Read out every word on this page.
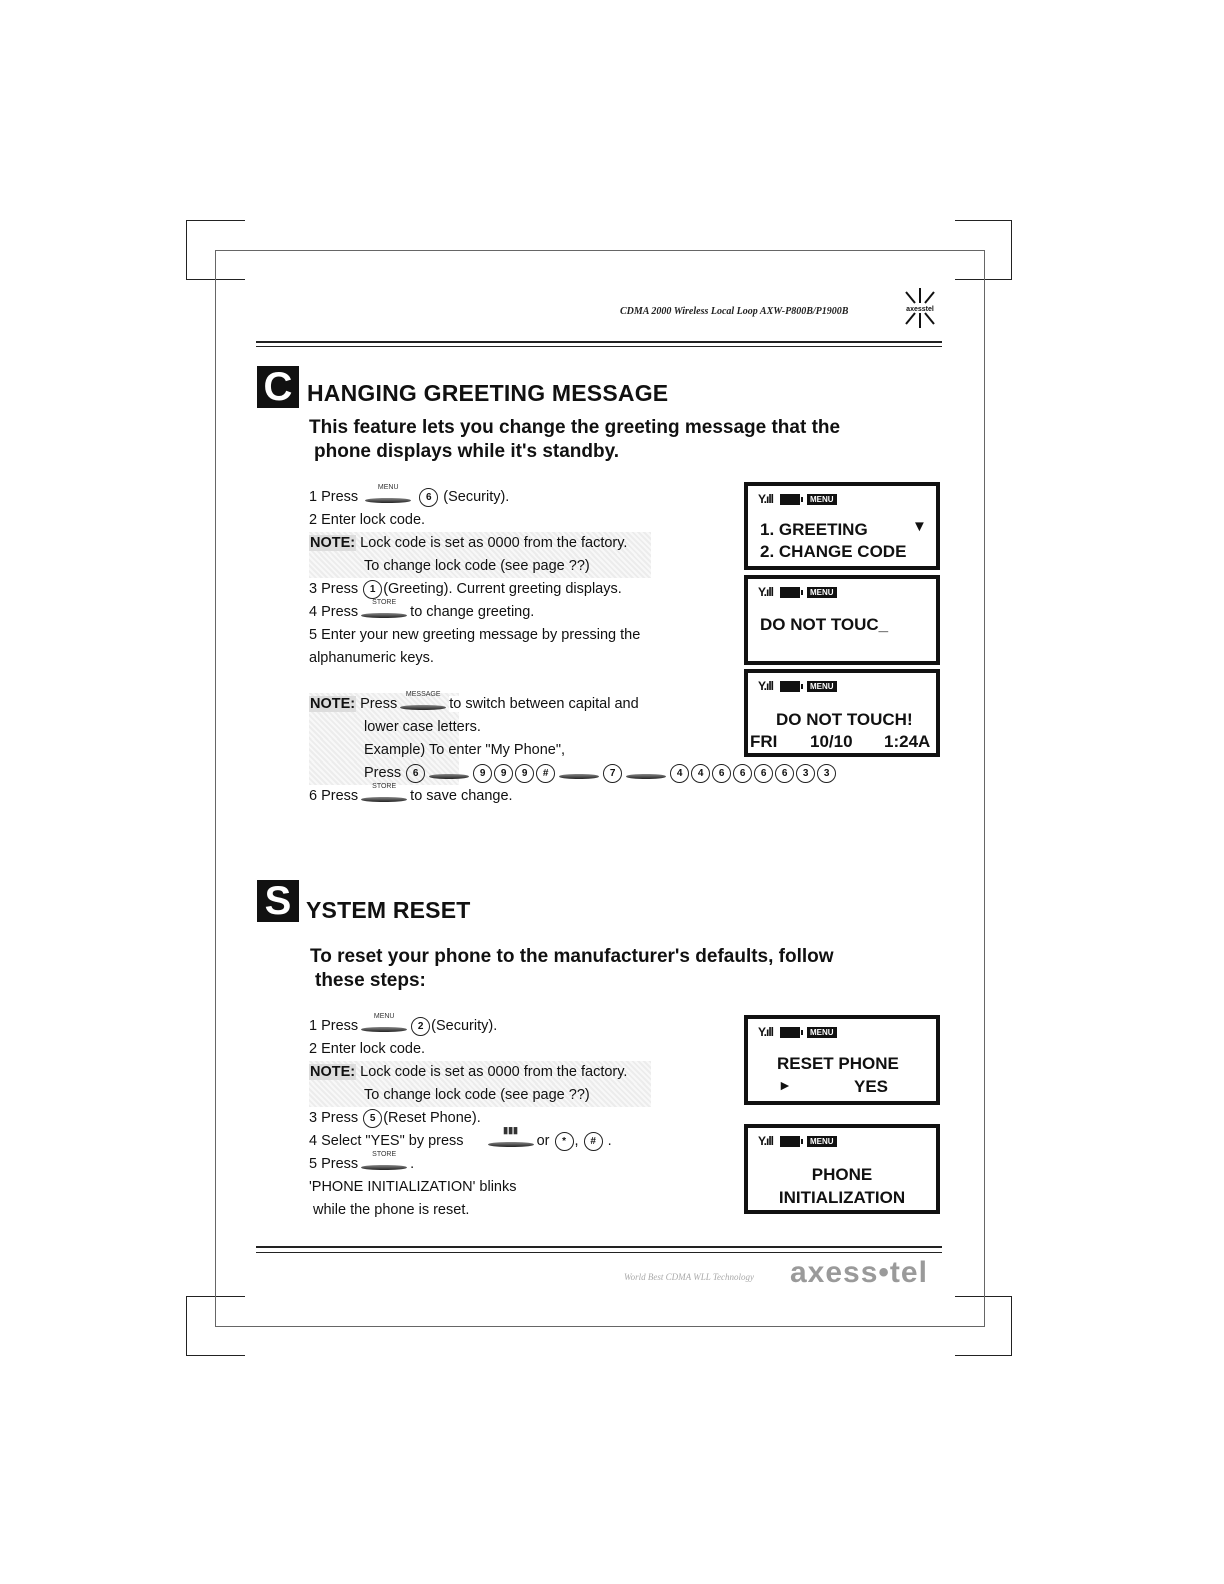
CDMA 2000 Wireless Local Loop AXW-P800B/P1900B	axesstel
C HANGING GREETING MESSAGE
This feature lets you change the greeting message that the
phone displays while it's standby.
1 Press
MENU
6 (Security).
2 Enter lock code.
NOTE: Lock code is set as 0000 from the factory.
To change lock code (see page ??)
3 Press 1 (Greeting). Current greeting displays.
4 Press
STORE
to change greeting.
5 Enter your new greeting message by pressing the
alphanumeric keys.
NOTE: Press
MESSAGE
to switch between capital and
lower case letters.
Example) To enter "My Phone",
Press 6	9 9 9 #	7	4 4 6 6 6 6 3 3
6 Press
STORE
to save change.
Y.ıll	MENU
1. GREETING	▼
2. CHANGE CODE
Y.ıll	MENU
DO NOT TOUC_
Y.ıll	MENU
DO NOT TOUCH!
FRI 10/10 1:24A
S YSTEM RESET
To reset your phone to the manufacturer's defaults, follow
these steps:
1 Press
MENU
2 (Security).
2 Enter lock code.
NOTE: Lock code is set as 0000 from the factory.
To change lock code (see page ??)
3 Press 5 (Reset Phone).
4 Select "YES" by press
▮▮▮
or * , # .
5 Press
STORE
.
'PHONE INITIALIZATION' blinks
while the phone is reset.
Y.ıll	MENU
RESET PHONE
►	YES
Y.ıll	MENU
PHONE
INITIALIZATION
World Best CDMA WLL Technology axess•tel
